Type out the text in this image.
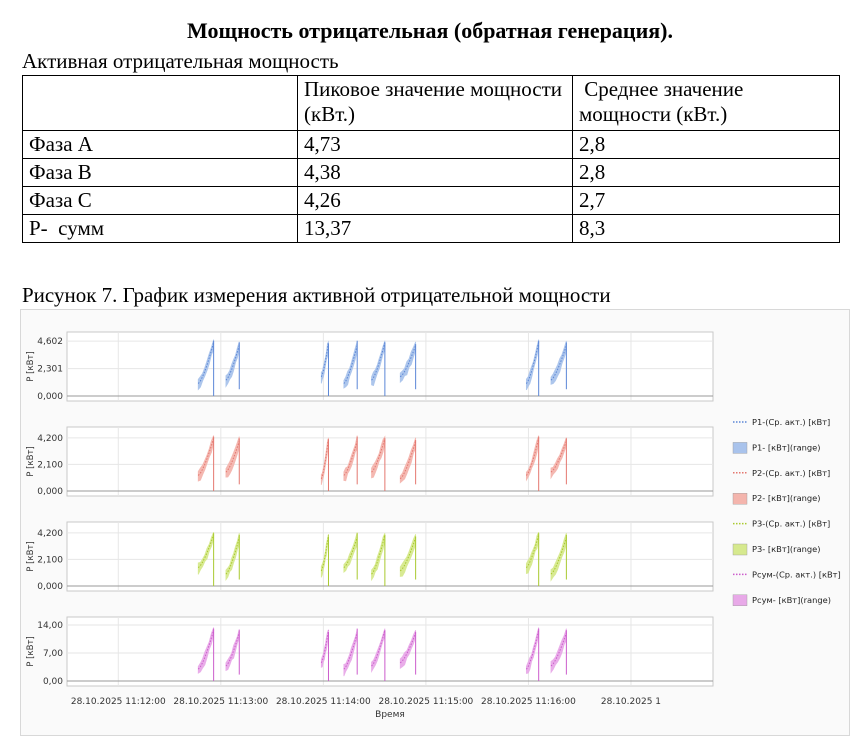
Мощность отрицательная (обратная генерация).
Активная отрицательная мощность
	Пиковое значение мощности (кВт.)	Среднее значение мощности (кВт.)
Фаза A	4,73	2,8
Фаза B	4,38	2,8
Фаза C	4,26	2,7
P-  сумм	13,37	8,3
Рисунок 7. График измерения активной отрицательной мощности
4,602
2,301
0,000
P [кВт]
4,200
2,100
0,000
P [кВт]
4,200
2,100
0,000
P [кВт]
14,00
7,00
0,00
P [кВт]
28.10.2025 11:12:00 28.10.2025 11:13:00 28.10.2025 11:14:00 28.10.2025 11:15:00 28.10.2025 11:16:00	28.10.2025 1
Время
P1-(Ср. акт.) [кВт]
P1- [кВт](range)
P2-(Ср. акт.) [кВт]
P2- [кВт](range)
P3-(Ср. акт.) [кВт]
P3- [кВт](range)
Pсум-(Ср. акт.) [кВт]
Pсум- [кВт](range)
